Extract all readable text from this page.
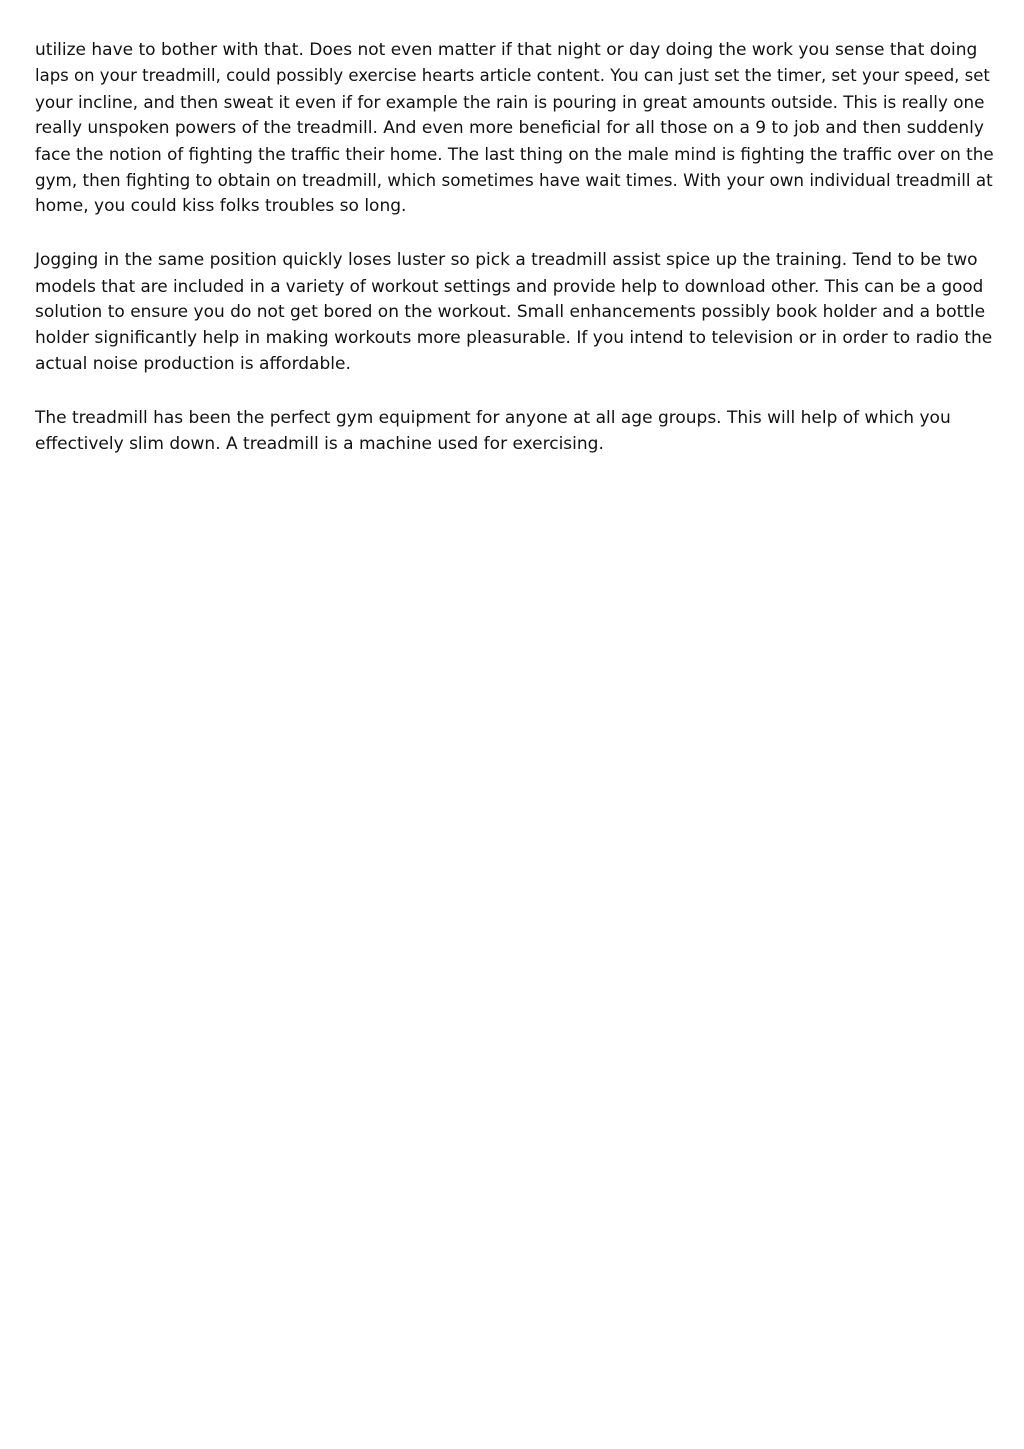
utilize have to bother with that. Does not even matter if that night or day doing the work you sense that doing
laps on your treadmill, could possibly exercise hearts article content. You can just set the timer, set your speed, set
your incline, and then sweat it even if for example the rain is pouring in great amounts outside. This is really one
really unspoken powers of the treadmill. And even more beneficial for all those on a 9 to job and then suddenly
face the notion of fighting the traffic their home. The last thing on the male mind is fighting the traffic over on the
gym, then fighting to obtain on treadmill, which sometimes have wait times. With your own individual treadmill at
home, you could kiss folks troubles so long.

Jogging in the same position quickly loses luster so pick a treadmill assist spice up the training. Tend to be two
models that are included in a variety of workout settings and provide help to download other. This can be a good
solution to ensure you do not get bored on the workout. Small enhancements possibly book holder and a bottle
holder significantly help in making workouts more pleasurable. If you intend to television or in order to radio the
actual noise production is affordable.

The treadmill has been the perfect gym equipment for anyone at all age groups. This will help of which you
effectively slim down. A treadmill is a machine used for exercising.
